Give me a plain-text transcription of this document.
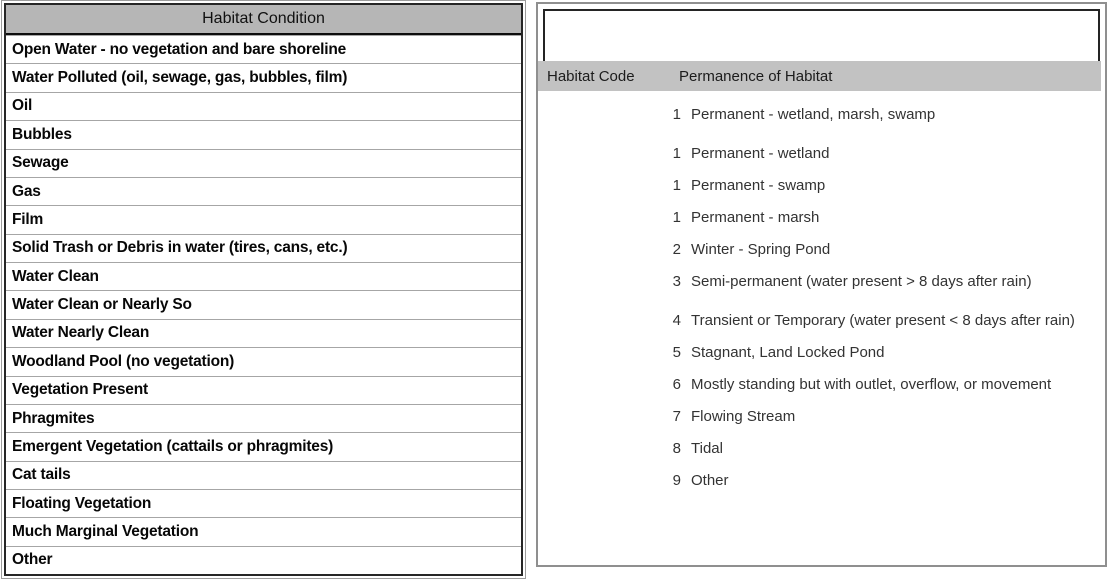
Habitat Condition
Open Water - no vegetation and bare shoreline
Water Polluted (oil, sewage, gas, bubbles, film)
Oil
Bubbles
Sewage
Gas
Film
Solid Trash or Debris in water (tires, cans, etc.)
Water Clean
Water Clean or Nearly So
Water Nearly Clean
Woodland Pool (no vegetation)
Vegetation Present
Phragmites
Emergent Vegetation (cattails or phragmites)
Cat tails
Floating Vegetation
Much Marginal Vegetation
Other
Habitat Code	Permanence of Habitat
1 Permanent - wetland, marsh, swamp
1 Permanent - wetland
1 Permanent - swamp
1 Permanent - marsh
2 Winter - Spring Pond
3 Semi-permanent (water present > 8 days after rain)
4 Transient or Temporary (water present < 8 days after rain)
5 Stagnant, Land Locked Pond
6 Mostly standing but with outlet, overflow, or movement
7 Flowing Stream
8 Tidal
9 Other
